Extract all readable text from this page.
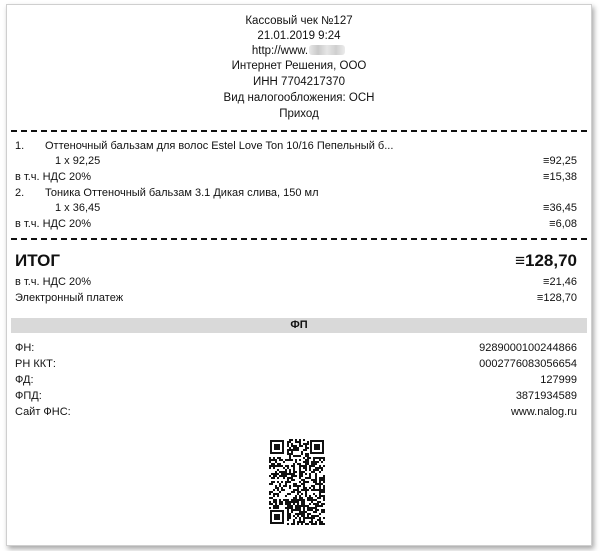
Кассовый чек №127
21.01.2019 9:24
http://www.
Интернет Решения, ООО
ИНН 7704217370
Вид налогообложения: ОСН
Приход
1. Оттеночный бальзам для волос Estel Love Ton 10/16 Пепельный б...
1 x 92,25	≡92,25
в т.ч. НДС 20%	≡15,38
2. Тоника Оттеночный бальзам 3.1 Дикая слива, 150 мл
1 x 36,45	≡36,45
в т.ч. НДС 20%	≡6,08
ИТОГ	≡128,70
в т.ч. НДС 20%	≡21,46
Электронный платеж	≡128,70
ФП
ФН:	9289000100244866
РН ККТ:	0002776083056654
ФД:	127999
ФПД:	3871934589
Сайт ФНС:	www.nalog.ru
